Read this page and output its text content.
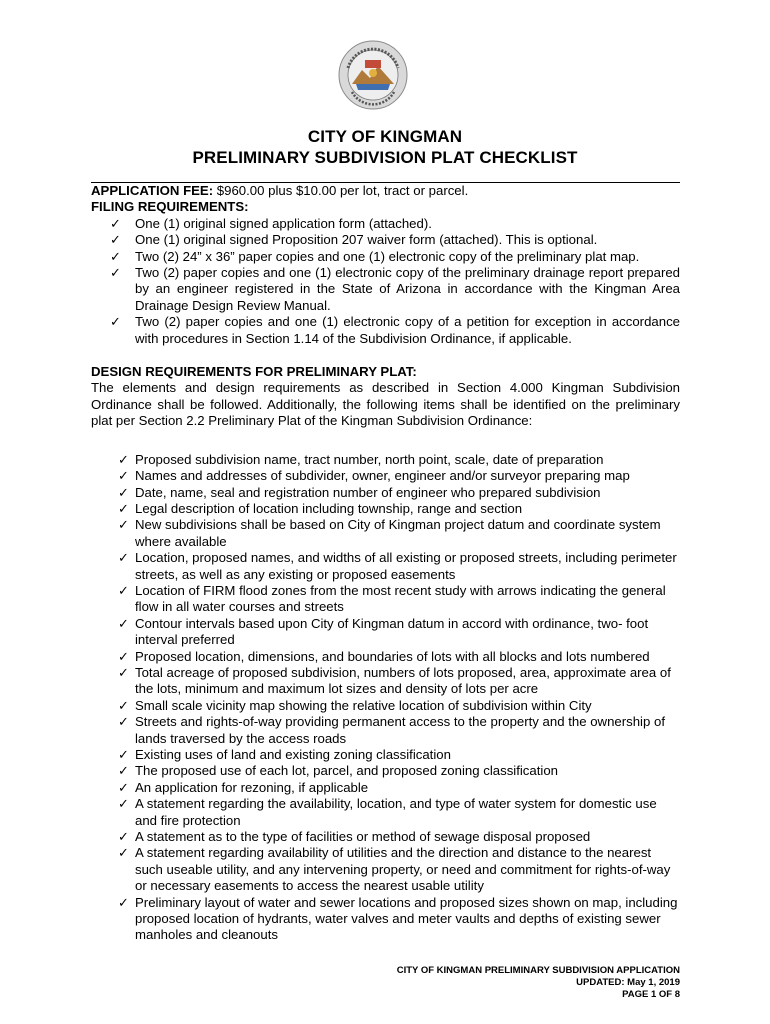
CITY OF KINGMAN
PRELIMINARY SUBDIVISION PLAT CHECKLIST
APPLICATION FEE: $960.00 plus $10.00 per lot, tract or parcel.
FILING REQUIREMENTS:
✓ One (1) original signed application form (attached).
✓ One (1) original signed Proposition 207 waiver form (attached). This is optional.
✓ Two (2) 24” x 36” paper copies and one (1) electronic copy of the preliminary plat map.
✓ Two (2) paper copies and one (1) electronic copy of the preliminary drainage report prepared by an engineer registered in the State of Arizona in accordance with the Kingman Area Drainage Design Review Manual.
✓ Two (2) paper copies and one (1) electronic copy of a petition for exception in accordance with procedures in Section 1.14 of the Subdivision Ordinance, if applicable.
DESIGN REQUIREMENTS FOR PRELIMINARY PLAT:
The elements and design requirements as described in Section 4.000 Kingman Subdivision Ordinance shall be followed. Additionally, the following items shall be identified on the preliminary plat per Section 2.2 Preliminary Plat of the Kingman Subdivision Ordinance:
✓ Proposed subdivision name, tract number, north point, scale, date of preparation
✓ Names and addresses of subdivider, owner, engineer and/or surveyor preparing map
✓ Date, name, seal and registration number of engineer who prepared subdivision
✓ Legal description of location including township, range and section
✓ New subdivisions shall be based on City of Kingman project datum and coordinate system where available
✓ Location, proposed names, and widths of all existing or proposed streets, including perimeter streets, as well as any existing or proposed easements
✓ Location of FIRM flood zones from the most recent study with arrows indicating the general flow in all water courses and streets
✓ Contour intervals based upon City of Kingman datum in accord with ordinance, two- foot interval preferred
✓ Proposed location, dimensions, and boundaries of lots with all blocks and lots numbered
✓ Total acreage of proposed subdivision, numbers of lots proposed, area, approximate area of the lots, minimum and maximum lot sizes and density of lots per acre
✓ Small scale vicinity map showing the relative location of subdivision within City
✓ Streets and rights-of-way providing permanent access to the property and the ownership of lands traversed by the access roads
✓ Existing uses of land and existing zoning classification
✓ The proposed use of each lot, parcel, and proposed zoning classification
✓ An application for rezoning, if applicable
✓ A statement regarding the availability, location, and type of water system for domestic use and fire protection
✓ A statement as to the type of facilities or method of sewage disposal proposed
✓ A statement regarding availability of utilities and the direction and distance to the nearest such useable utility, and any intervening property, or need and commitment for rights-of-way or necessary easements to access the nearest usable utility
✓ Preliminary layout of water and sewer locations and proposed sizes shown on map, including proposed location of hydrants, water valves and meter vaults and depths of existing sewer manholes and cleanouts
CITY OF KINGMAN PRELIMINARY SUBDIVISION APPLICATION
UPDATED: May 1, 2019
PAGE 1 OF 8
